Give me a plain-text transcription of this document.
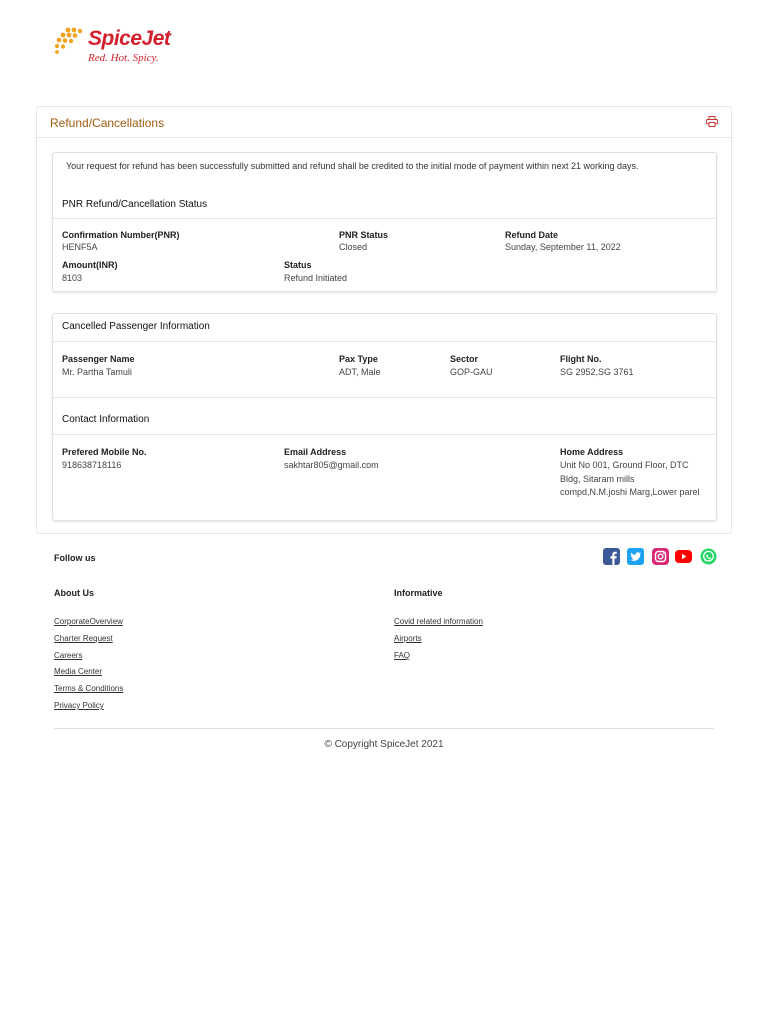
SpiceJet
Red. Hot. Spicy.
Refund/Cancellations
Your request for refund has been successfully submitted and refund shall be credited to the initial mode of payment within next 21 working days.
PNR Refund/Cancellation Status
Confirmation Number(PNR)
HENF5A
PNR Status
Closed
Refund Date
Sunday, September 11, 2022
Amount(INR)
8103
Status
Refund Initiated
Cancelled Passenger Information
Passenger Name
Mr. Partha Tamuli
Pax Type
ADT, Male
Sector
GOP-GAU
Flight No.
SG 2952,SG 3761
Contact Information
Prefered Mobile No.
918638718116
Email Address
sakhtar805@gmail.com
Home Address
Unit No 001, Ground Floor, DTC Bldg, Sitaram mills compd,N.M.joshi Marg,Lower parel
Follow us
About Us	Informative
CorporateOverview
Charter Request
Careers
Media Center
Terms & Conditions
Privacy Policy
Covid related information
Airports
FAQ
© Copyright SpiceJet 2021
